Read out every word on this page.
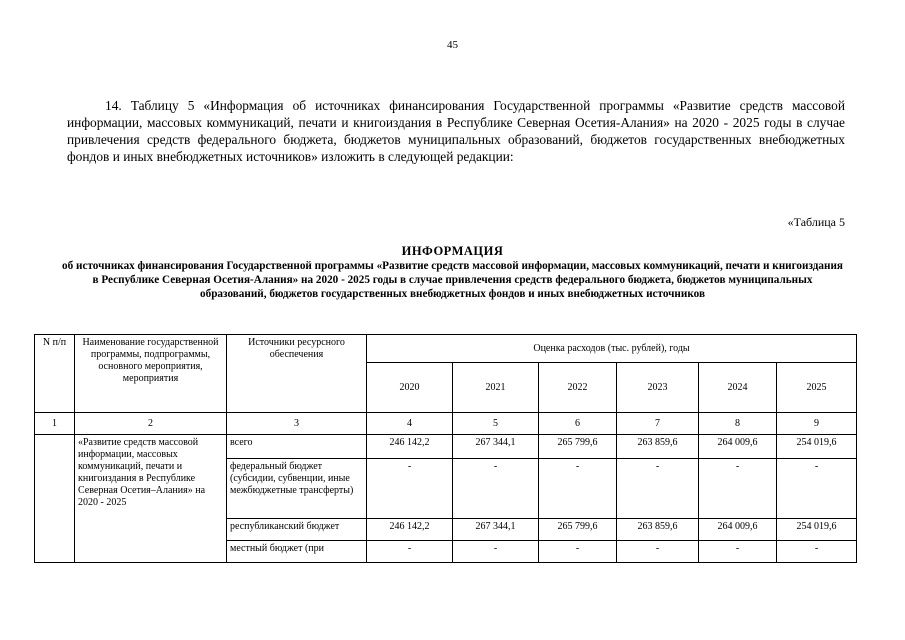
45

14. Таблицу 5 «Информация об источниках финансирования Государственной программы «Развитие средств массовой информации, массовых коммуникаций, печати и книгоиздания в Республике Северная Осетия-Алания» на 2020 - 2025 годы в случае привлечения средств федерального бюджета, бюджетов муниципальных образований, бюджетов государственных внебюджетных фондов и иных внебюджетных источников» изложить в следующей редакции:

«Таблица 5
ИНФОРМАЦИЯ

об источниках финансирования Государственной программы «Развитие средств массовой информации, массовых коммуникаций, печати и книгоиздания в Республике Северная Осетия-Алания» на 2020 - 2025 годы в случае привлечения средств федерального бюджета, бюджетов муниципальных образований, бюджетов государственных внебюджетных фондов и иных внебюджетных источников

N п/п	Наименование государственной программы, подпрограммы, основного мероприятия, мероприятия	Источники ресурсного обеспечения	Оценка расходов (тыс. рублей), годы					
			2020	2021	2022	2023	2024	2025
1	2	3	4	5	6	7	8	9
	«Развитие средств массовой информации, массовых коммуникаций, печати и книгоиздания в Республике Северная Осетия–Алания» на 2020 - 2025	всего	246 142,2	267 344,1	265 799,6	263 859,6	264 009,6	254 019,6
		федеральный бюджет (субсидии, субвенции, иные межбюджетные трансферты)	-	-	-	-	-	-
		республиканский бюджет	246 142,2	267 344,1	265 799,6	263 859,6	264 009,6	254 019,6
		местный бюджет (при	-	-	-	-	-	-
